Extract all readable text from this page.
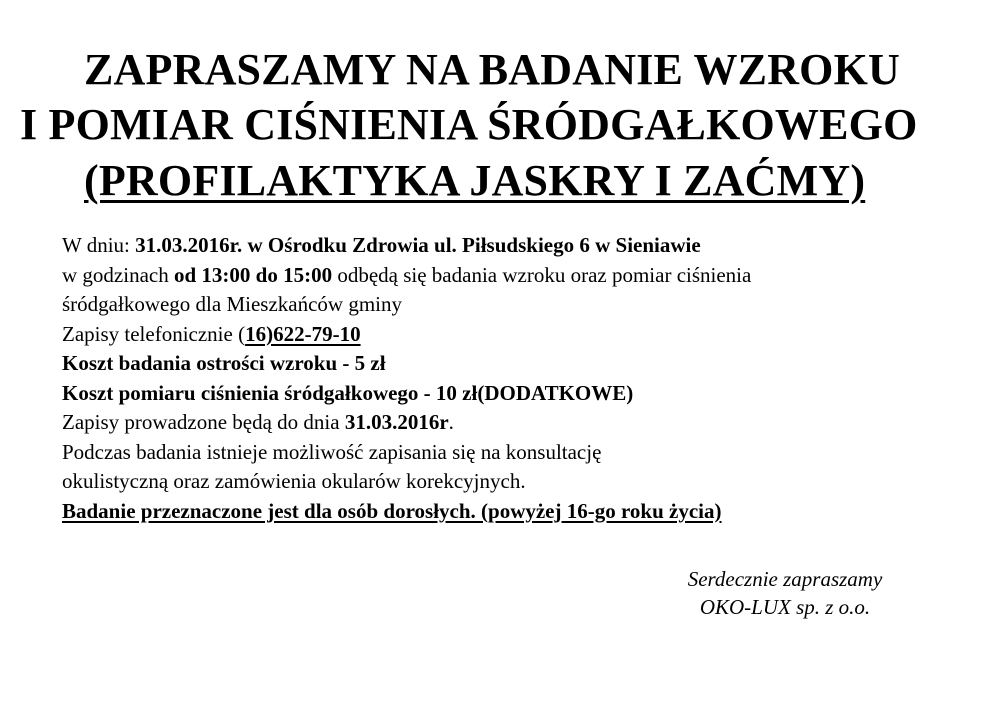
ZAPRASZAMY NA BADANIE WZROKU
I POMIAR CIŚNIENIA ŚRÓDGAŁKOWEGO
(PROFILAKTYKA JASKRY I ZAĆMY)
W dniu: 31.03.2016r. w Ośrodku Zdrowia ul. Piłsudskiego 6 w Sieniawie
w godzinach od 13:00 do 15:00 odbędą się badania wzroku oraz pomiar ciśnienia
śródgałkowego dla Mieszkańców gminy
Zapisy telefonicznie (16)622-79-10
Koszt badania ostrości wzroku - 5 zł
Koszt pomiaru ciśnienia śródgałkowego - 10 zł(DODATKOWE)
Zapisy prowadzone będą do dnia 31.03.2016r.
Podczas badania istnieje możliwość zapisania się na konsultację
okulistyczną oraz zamówienia okularów korekcyjnych.
Badanie przeznaczone jest dla osób dorosłych. (powyżej 16-go roku życia)
Serdecznie zapraszamy
OKO-LUX sp. z o.o.
